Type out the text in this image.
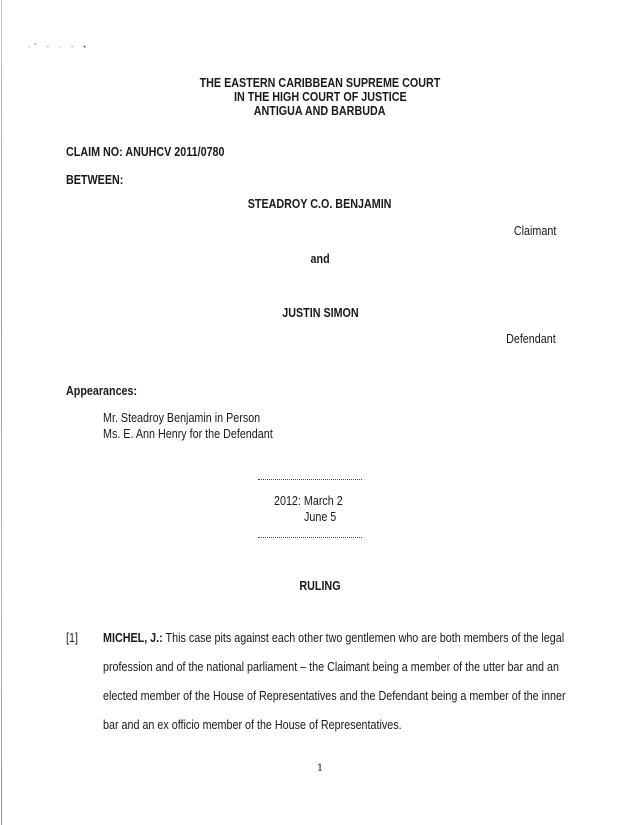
·˚ ‐ · ‐ •
THE EASTERN CARIBBEAN SUPREME COURT
IN THE HIGH COURT OF JUSTICE
ANTIGUA AND BARBUDA
CLAIM NO: ANUHCV 2011/0780
BETWEEN:
STEADROY C.O. BENJAMIN
Claimant
and
JUSTIN SIMON
Defendant
Appearances:
Mr. Steadroy Benjamin in Person
Ms. E. Ann Henry for the Defendant
2012: March 2
June 5
RULING
[1] MICHEL, J.: This case pits against each other two gentlemen who are both members of the legal
profession and of the national parliament – the Claimant being a member of the utter bar and an
elected member of the House of Representatives and the Defendant being a member of the inner
bar and an ex officio member of the House of Representatives.
1
